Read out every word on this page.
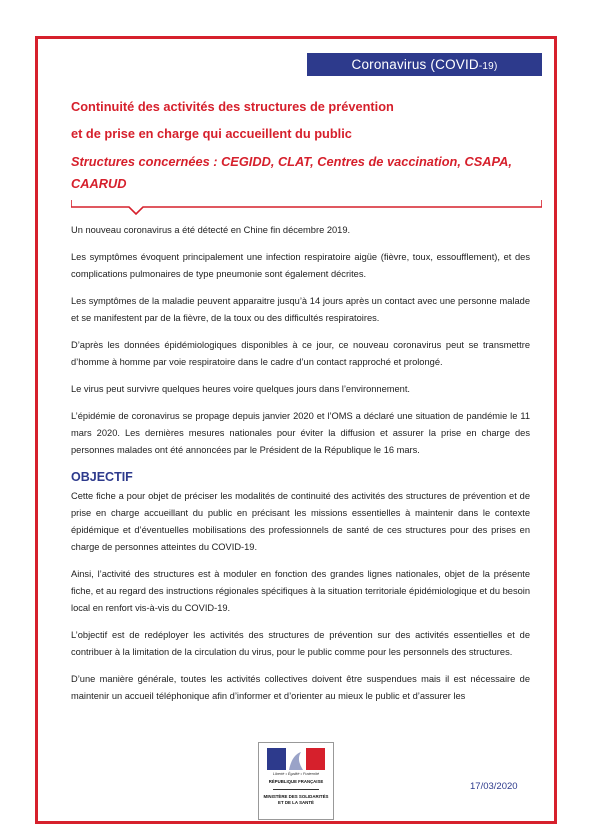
Coronavirus (COVID-19)
Continuité des activités des structures de prévention
et de prise en charge qui accueillent du public
Structures concernées : CEGIDD, CLAT, Centres de vaccination, CSAPA, CAARUD

Un nouveau coronavirus a été détecté en Chine fin décembre 2019.

Les symptômes évoquent principalement une infection respiratoire aigüe (fièvre, toux, essoufflement), et des complications pulmonaires de type pneumonie sont également décrites.

Les symptômes de la maladie peuvent apparaitre jusqu’à 14 jours après un contact avec une personne malade et se manifestent par de la fièvre, de la toux ou des difficultés respiratoires.

D’après les données épidémiologiques disponibles à ce jour, ce nouveau coronavirus peut se transmettre d’homme à homme par voie respiratoire dans le cadre d’un contact rapproché et prolongé.

Le virus peut survivre quelques heures voire quelques jours dans l’environnement.

L’épidémie de coronavirus se propage depuis janvier 2020 et l’OMS a déclaré une situation de pandémie le 11 mars 2020. Les dernières mesures nationales pour éviter la diffusion et assurer la prise en charge des personnes malades ont été annoncées par le Président de la République le 16 mars.

OBJECTIF

Cette fiche a pour objet de préciser les modalités de continuité des activités des structures de prévention et de prise en charge accueillant du public en précisant les missions essentielles à maintenir dans le contexte épidémique et d’éventuelles mobilisations des professionnels de santé de ces structures pour des prises en charge de personnes atteintes du COVID-19.

Ainsi, l’activité des structures est à moduler en fonction des grandes lignes nationales, objet de la présente fiche, et au regard des instructions régionales spécifiques à la situation territoriale épidémiologique et du besoin local en renfort vis-à-vis du COVID-19.

L’objectif est de redéployer les activités des structures de prévention sur des activités essentielles et de contribuer à la limitation de la circulation du virus, pour le public comme pour les personnels des structures.

D’une manière générale, toutes les activités collectives doivent être suspendues mais il est nécessaire de maintenir un accueil téléphonique afin d’informer et d’orienter au mieux le public et d’assurer les

Liberté • Égalité • Fraternité
RÉPUBLIQUE FRANÇAISE
MINISTÈRE DES SOLIDARITÉS ET DE LA SANTÉ
17/03/2020
